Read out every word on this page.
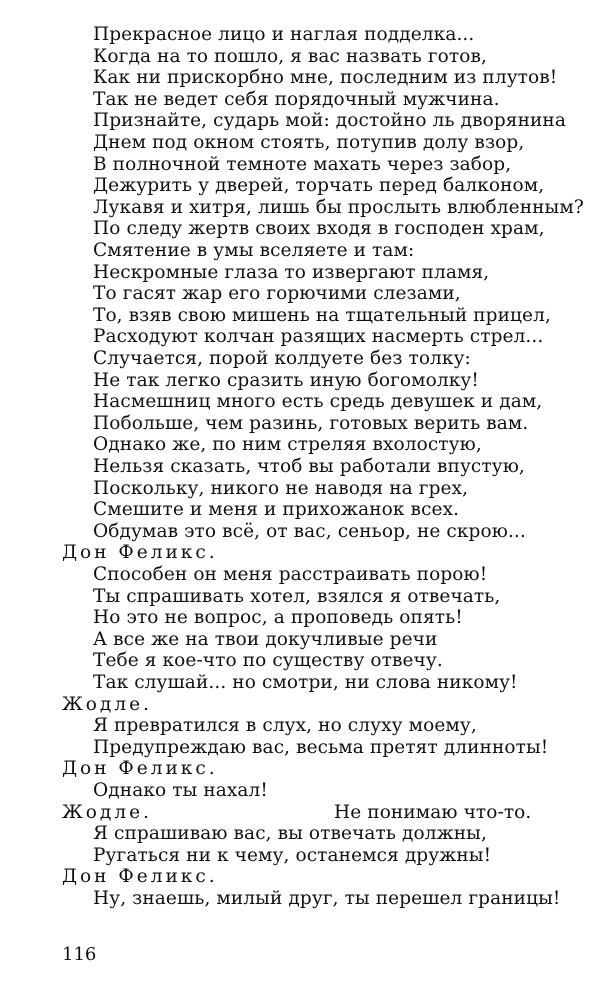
Прекрасное лицо и наглая подделка...
Когда на то пошло, я вас назвать готов,
Как ни прискорбно мне, последним из плутов!
Так не ведет себя порядочный мужчина.
Признайте, сударь мой: достойно ль дворянина
Днем под окном стоять, потупив долу взор,
В полночной темноте махать через забор,
Дежурить у дверей, торчать перед балконом,
Лукавя и хитря, лишь бы прослыть влюбленным?
По следу жертв своих входя в господен храм,
Смятение в умы вселяете и там:
Нескромные глаза то извергают пламя,
То гасят жар его горючими слезами,
То, взяв свою мишень на тщательный прицел,
Расходуют колчан разящих насмерть стрел...
Случается, порой колдуете без толку:
Не так легко сразить иную богомолку!
Насмешниц много есть средь девушек и дам,
Побольше, чем разинь, готовых верить вам.
Однако же, по ним стреляя вхолостую,
Нельзя сказать, чтоб вы работали впустую,
Поскольку, никого не наводя на грех,
Смешите и меня и прихожанок всех.
Обдумав это всё, от вас, сеньор, не скрою...
Дон Феликс.
Способен он меня расстраивать порою!
Ты спрашивать хотел, взялся я отвечать,
Но это не вопрос, а проповедь опять!
А все же на твои докучливые речи
Тебе я кое-что по существу отвечу.
Так слушай... но смотри, ни слова никому!
Жодле.
Я превратился в слух, но слуху моему,
Предупреждаю вас, весьма претят длинноты!
Дон Феликс.
Однако ты нахал!
Жодле.	Не понимаю что-то.
Я спрашиваю вас, вы отвечать должны,
Ругаться ни к чему, останемся дружны!
Дон Феликс.
Ну, знаешь, милый друг, ты перешел границы!
116
